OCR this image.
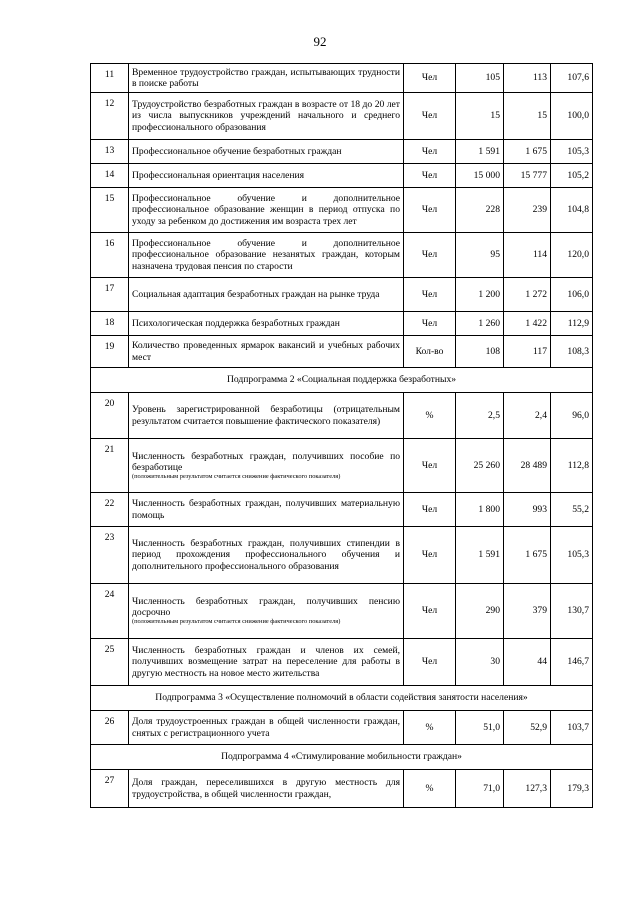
92
11	Временное трудоустройство граждан, испытывающих трудности в поиске работы	Чел	105	113	107,6
12	Трудоустройство безработных граждан в возрасте от 18 до 20 лет из числа выпускников учреждений начального и среднего профессионального образования	Чел	15	15	100,0
13	Профессиональное обучение безработных граждан	Чел	1 591	1 675	105,3
14	Профессиональная ориентация населения	Чел	15 000	15 777	105,2
15	Профессиональное обучение и дополнительное профессиональное образование женщин в период отпуска по уходу за ребенком до достижения им возраста трех лет	Чел	228	239	104,8
16	Профессиональное обучение и дополнительное профессиональное образование незанятых граждан, которым назначена трудовая пенсия по старости	Чел	95	114	120,0
17	Социальная адаптация безработных граждан на рынке труда	Чел	1 200	1 272	106,0
18	Психологическая поддержка безработных граждан	Чел	1 260	1 422	112,9
19	Количество проведенных ярмарок вакансий и учебных рабочих мест	Кол-во	108	117	108,3
Подпрограмма 2 «Социальная поддержка безработных»					
20	Уровень зарегистрированной безработицы (отрицательным результатом считается повышение фактического показателя)	%	2,5	2,4	96,0
21	Численность безработных граждан, получивших пособие по безработице
(положительным результатом считается снижение фактического показателя)	Чел	25 260	28 489	112,8
22	Численность безработных граждан, получивших материальную помощь	Чел	1 800	993	55,2
23	Численность безработных граждан, получивших стипендии в период прохождения профессионального обучения и дополнительного профессионального образования	Чел	1 591	1 675	105,3
24	Численность безработных граждан, получивших пенсию досрочно
(положительным результатом считается снижение фактического показателя)	Чел	290	379	130,7
25	Численность безработных граждан и членов их семей, получивших возмещение затрат на переселение для работы в другую местность на новое место жительства	Чел	30	44	146,7
Подпрограмма 3 «Осуществление полномочий в области содействия занятости населения»					
26	Доля трудоустроенных граждан в общей численности граждан, снятых с регистрационного учета	%	51,0	52,9	103,7
Подпрограмма 4 «Стимулирование мобильности граждан»					
27	Доля граждан, переселившихся в другую местность для трудоустройства, в общей численности граждан,	%	71,0	127,3	179,3
